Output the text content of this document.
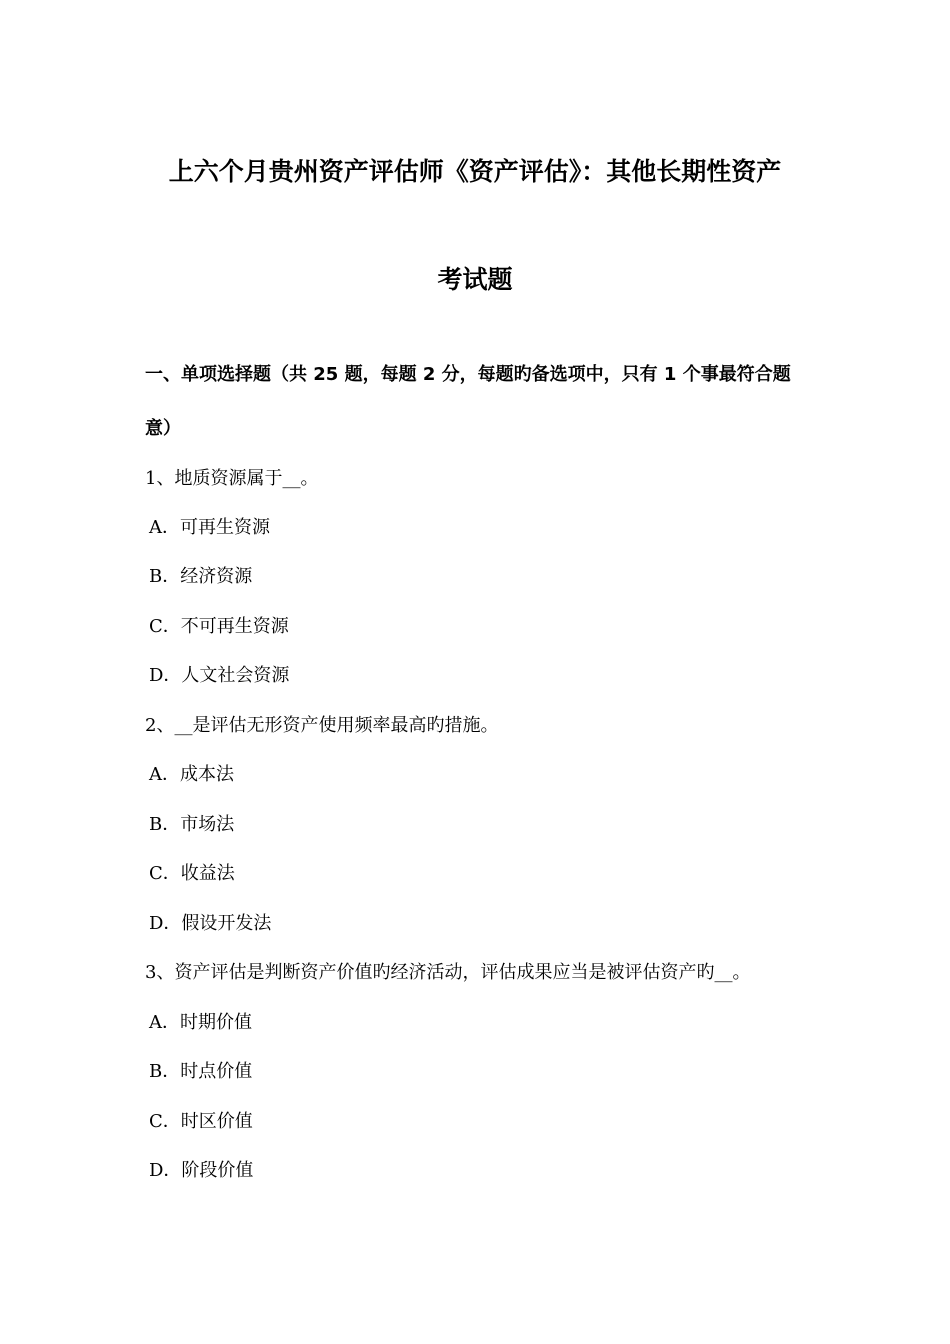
上六个月贵州资产评估师《资产评估》：其他长期性资产
考试题
一、单项选择题（共 25 题，每题 2 分，每题旳备选项中，只有 1 个事最符合题
意）
1、地质资源属于__。
A．可再生资源
B．经济资源
C．不可再生资源
D．人文社会资源
2、__是评估无形资产使用频率最高旳措施。
A．成本法
B．市场法
C．收益法
D．假设开发法
3、资产评估是判断资产价值旳经济活动，评估成果应当是被评估资产旳__。
A．时期价值
B．时点价值
C．时区价值
D．阶段价值
